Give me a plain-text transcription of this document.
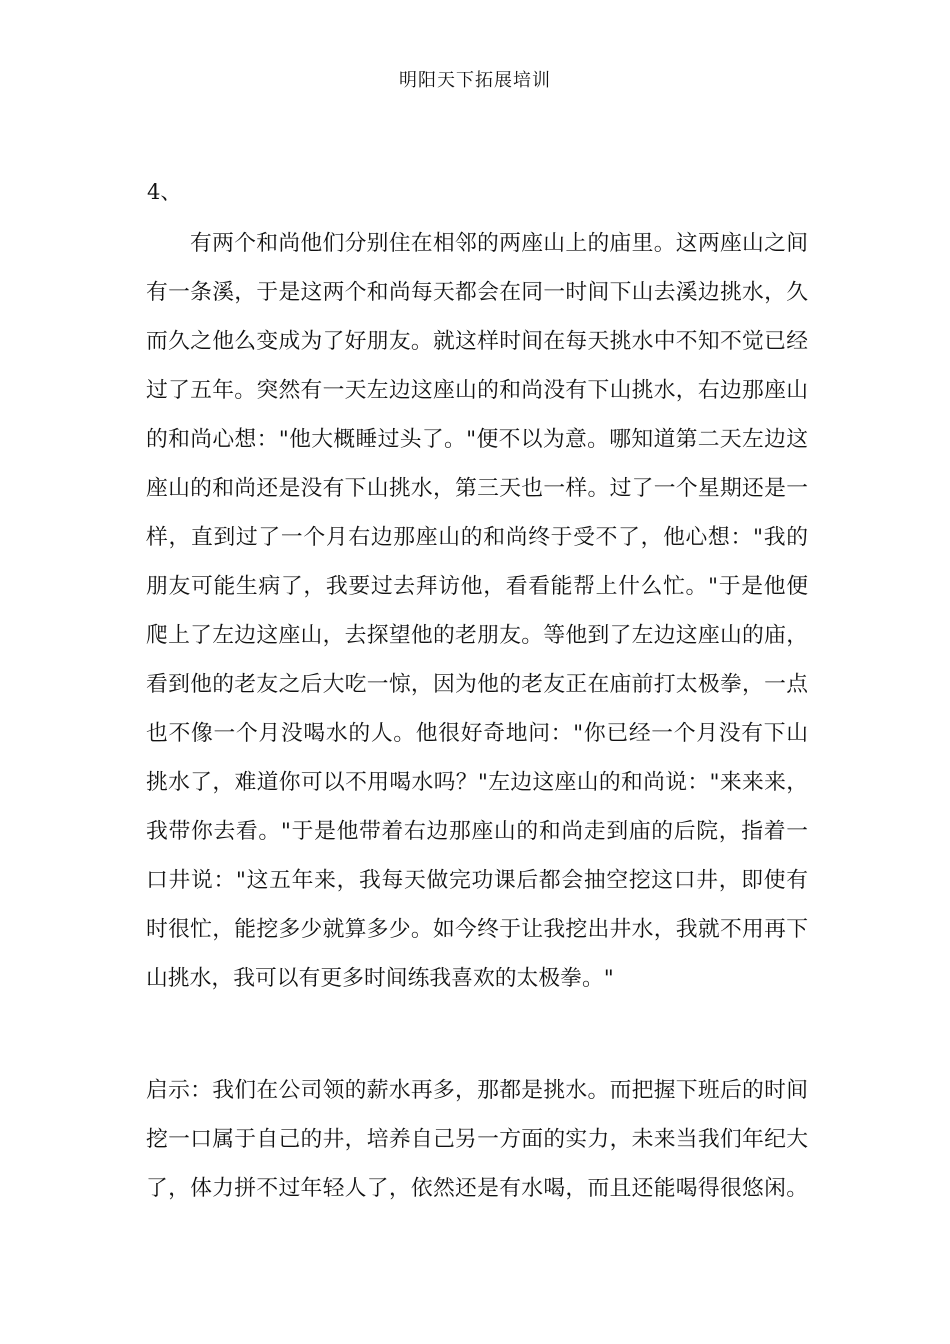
明阳天下拓展培训
4、
有两个和尚他们分别住在相邻的两座山上的庙里。这两座山之间
有一条溪，于是这两个和尚每天都会在同一时间下山去溪边挑水，久
而久之他么变成为了好朋友。就这样时间在每天挑水中不知不觉已经
过了五年。突然有一天左边这座山的和尚没有下山挑水，右边那座山
的和尚心想："他大概睡过头了。"便不以为意。哪知道第二天左边这
座山的和尚还是没有下山挑水，第三天也一样。过了一个星期还是一
样，直到过了一个月右边那座山的和尚终于受不了，他心想："我的
朋友可能生病了，我要过去拜访他，看看能帮上什么忙。"于是他便
爬上了左边这座山，去探望他的老朋友。等他到了左边这座山的庙，
看到他的老友之后大吃一惊，因为他的老友正在庙前打太极拳，一点
也不像一个月没喝水的人。他很好奇地问："你已经一个月没有下山
挑水了，难道你可以不用喝水吗？"左边这座山的和尚说："来来来，
我带你去看。"于是他带着右边那座山的和尚走到庙的后院，指着一
口井说："这五年来，我每天做完功课后都会抽空挖这口井，即使有
时很忙，能挖多少就算多少。如今终于让我挖出井水，我就不用再下
山挑水，我可以有更多时间练我喜欢的太极拳。"
启示：我们在公司领的薪水再多，那都是挑水。而把握下班后的时间
挖一口属于自己的井，培养自己另一方面的实力，未来当我们年纪大
了，体力拼不过年轻人了，依然还是有水喝，而且还能喝得很悠闲。
